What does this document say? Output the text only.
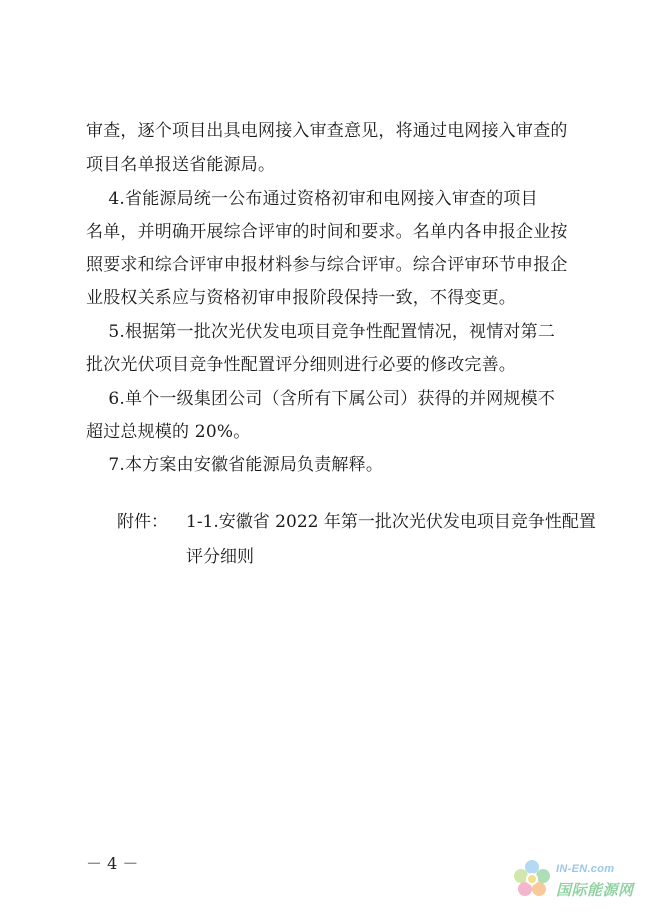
审查，逐个项目出具电网接入审查意见，将通过电网接入审查的
项目名单报送省能源局。
4.省能源局统一公布通过资格初审和电网接入审查的项目
名单，并明确开展综合评审的时间和要求。名单内各申报企业按
照要求和综合评审申报材料参与综合评审。综合评审环节申报企
业股权关系应与资格初审申报阶段保持一致，不得变更。
5.根据第一批次光伏发电项目竞争性配置情况，视情对第二
批次光伏项目竞争性配置评分细则进行必要的修改完善。
6.单个一级集团公司（含所有下属公司）获得的并网规模不
超过总规模的 20%。
7.本方案由安徽省能源局负责解释。
附件： 1-1.安徽省 2022 年第一批次光伏发电项目竞争性配置
评分细则
－ 4 －	IN-EN.com
国际能源网
